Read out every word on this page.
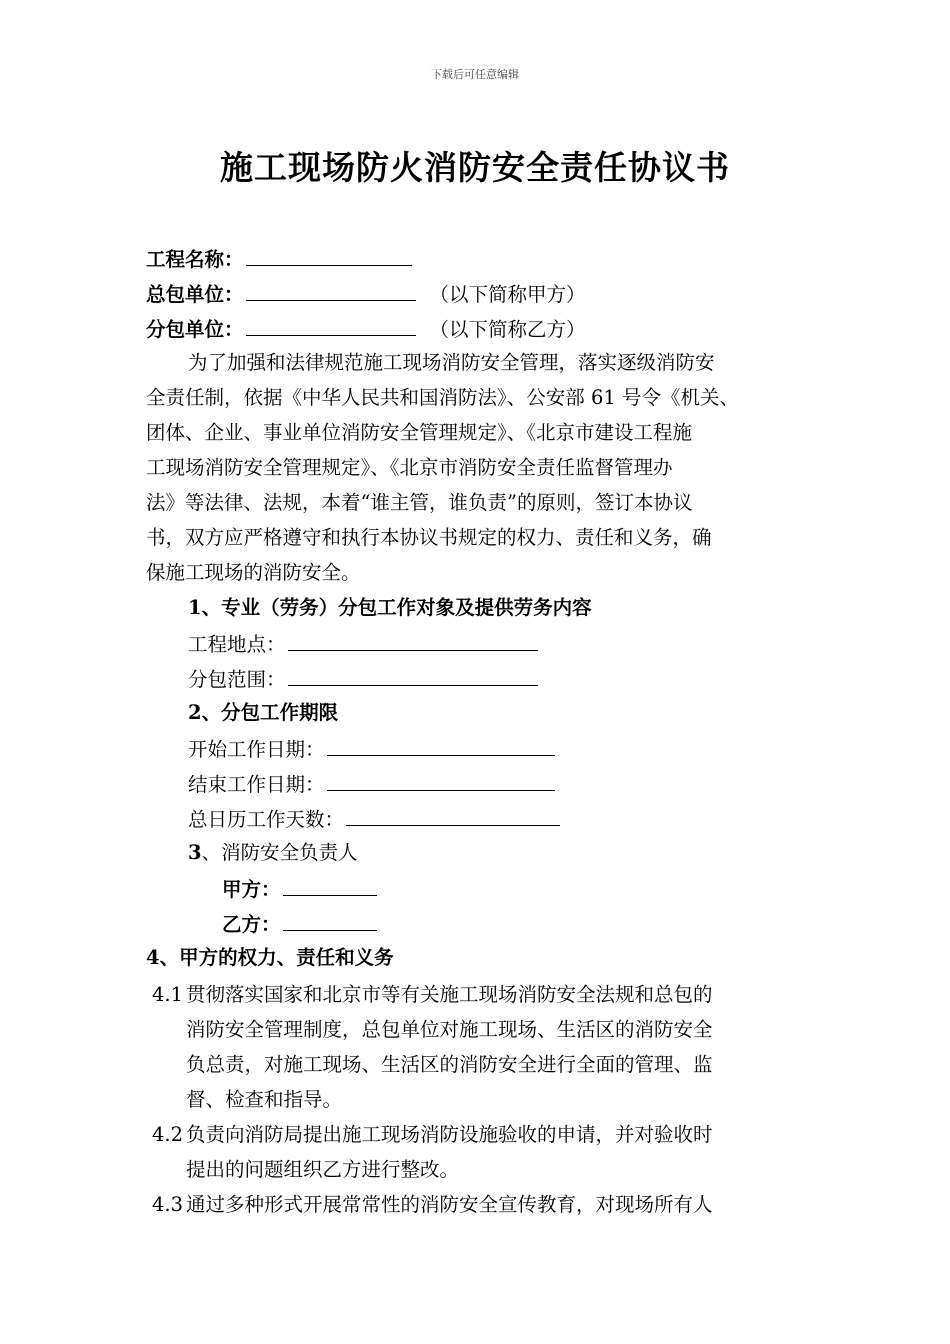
下载后可任意编辑
施工现场防火消防安全责任协议书
工程名称：
总包单位：	（以下简称甲方）
分包单位：	（以下简称乙方）
为了加强和法律规范施工现场消防安全管理，落实逐级消防安
全责任制，依据《中华人民共和国消防法》、公安部 61 号令《机关、
团体、企业、事业单位消防安全管理规定》、《北京市建设工程施
工现场消防安全管理规定》、《北京市消防安全责任监督管理办
法》等法律、法规，本着“谁主管，谁负责”的原则，签订本协议
书，双方应严格遵守和执行本协议书规定的权力、责任和义务，确
保施工现场的消防安全。
1、专业（劳务）分包工作对象及提供劳务内容
工程地点：
分包范围：
2、分包工作期限
开始工作日期：
结束工作日期：
总日历工作天数：
3、消防安全负责人
甲方：
乙方：
4、甲方的权力、责任和义务
4.1 贯彻落实国家和北京市等有关施工现场消防安全法规和总包的
消防安全管理制度，总包单位对施工现场、生活区的消防安全
负总责，对施工现场、生活区的消防安全进行全面的管理、监
督、检查和指导。
4.2 负责向消防局提出施工现场消防设施验收的申请，并对验收时
提出的问题组织乙方进行整改。
4.3 通过多种形式开展常常性的消防安全宣传教育，对现场所有人
